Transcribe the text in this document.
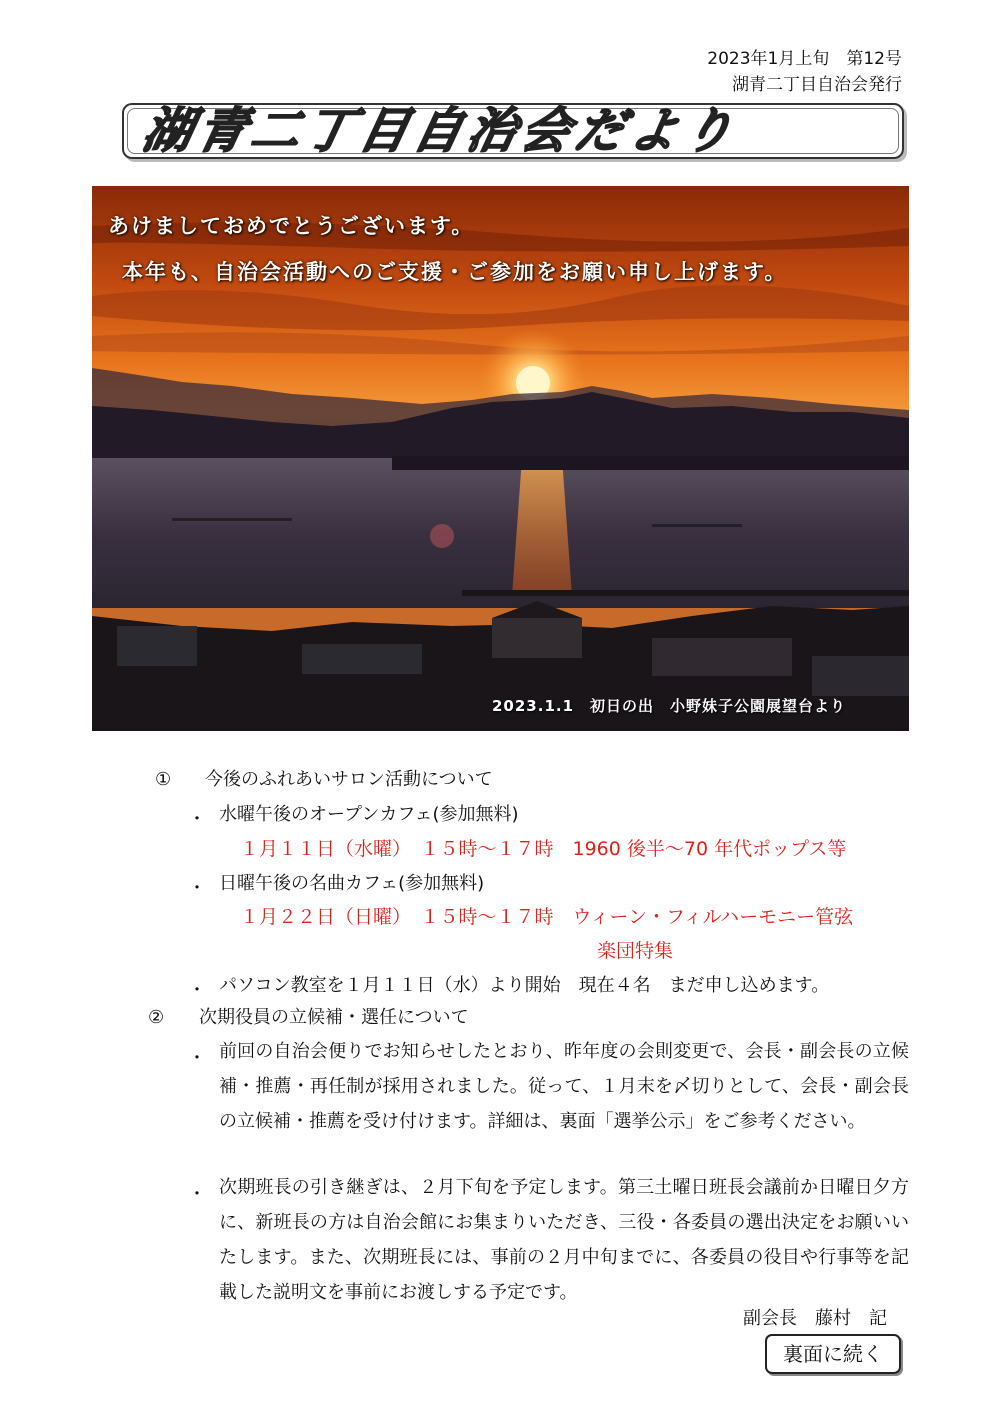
2023年1月上旬　第12号
湖青二丁目自治会発行
湖青二丁目自治会だより
あけましておめでとうございます。
本年も、自治会活動へのご支援・ご参加をお願い申し上げます。
2023.1.1　初日の出　小野妹子公園展望台より
① 今後のふれあいサロン活動について
・ 水曜午後のオープンカフェ(参加無料)
１月１１日（水曜）　１５時～１７時　1960 後半～70 年代ポップス等
・ 日曜午後の名曲カフェ(参加無料)
１月２２日（日曜）　１５時～１７時　ウィーン・フィルハーモニー管弦
楽団特集
・ パソコン教室を１月１１日（水）より開始　現在４名　まだ申し込めます。
② 次期役員の立候補・選任について
・ 前回の自治会便りでお知らせしたとおり、昨年度の会則変更で、会長・副会長の立候補・推薦・再任制が採用されました。従って、１月末を〆切りとして、会長・副会長の立候補・推薦を受け付けます。詳細は、裏面「選挙公示」をご参考ください。
・ 次期班長の引き継ぎは、２月下旬を予定します。第三土曜日班長会議前か日曜日夕方に、新班長の方は自治会館にお集まりいただき、三役・各委員の選出決定をお願いいたします。また、次期班長には、事前の２月中旬までに、各委員の役目や行事等を記載した説明文を事前にお渡しする予定です。
副会長　藤村　記
裏面に続く
